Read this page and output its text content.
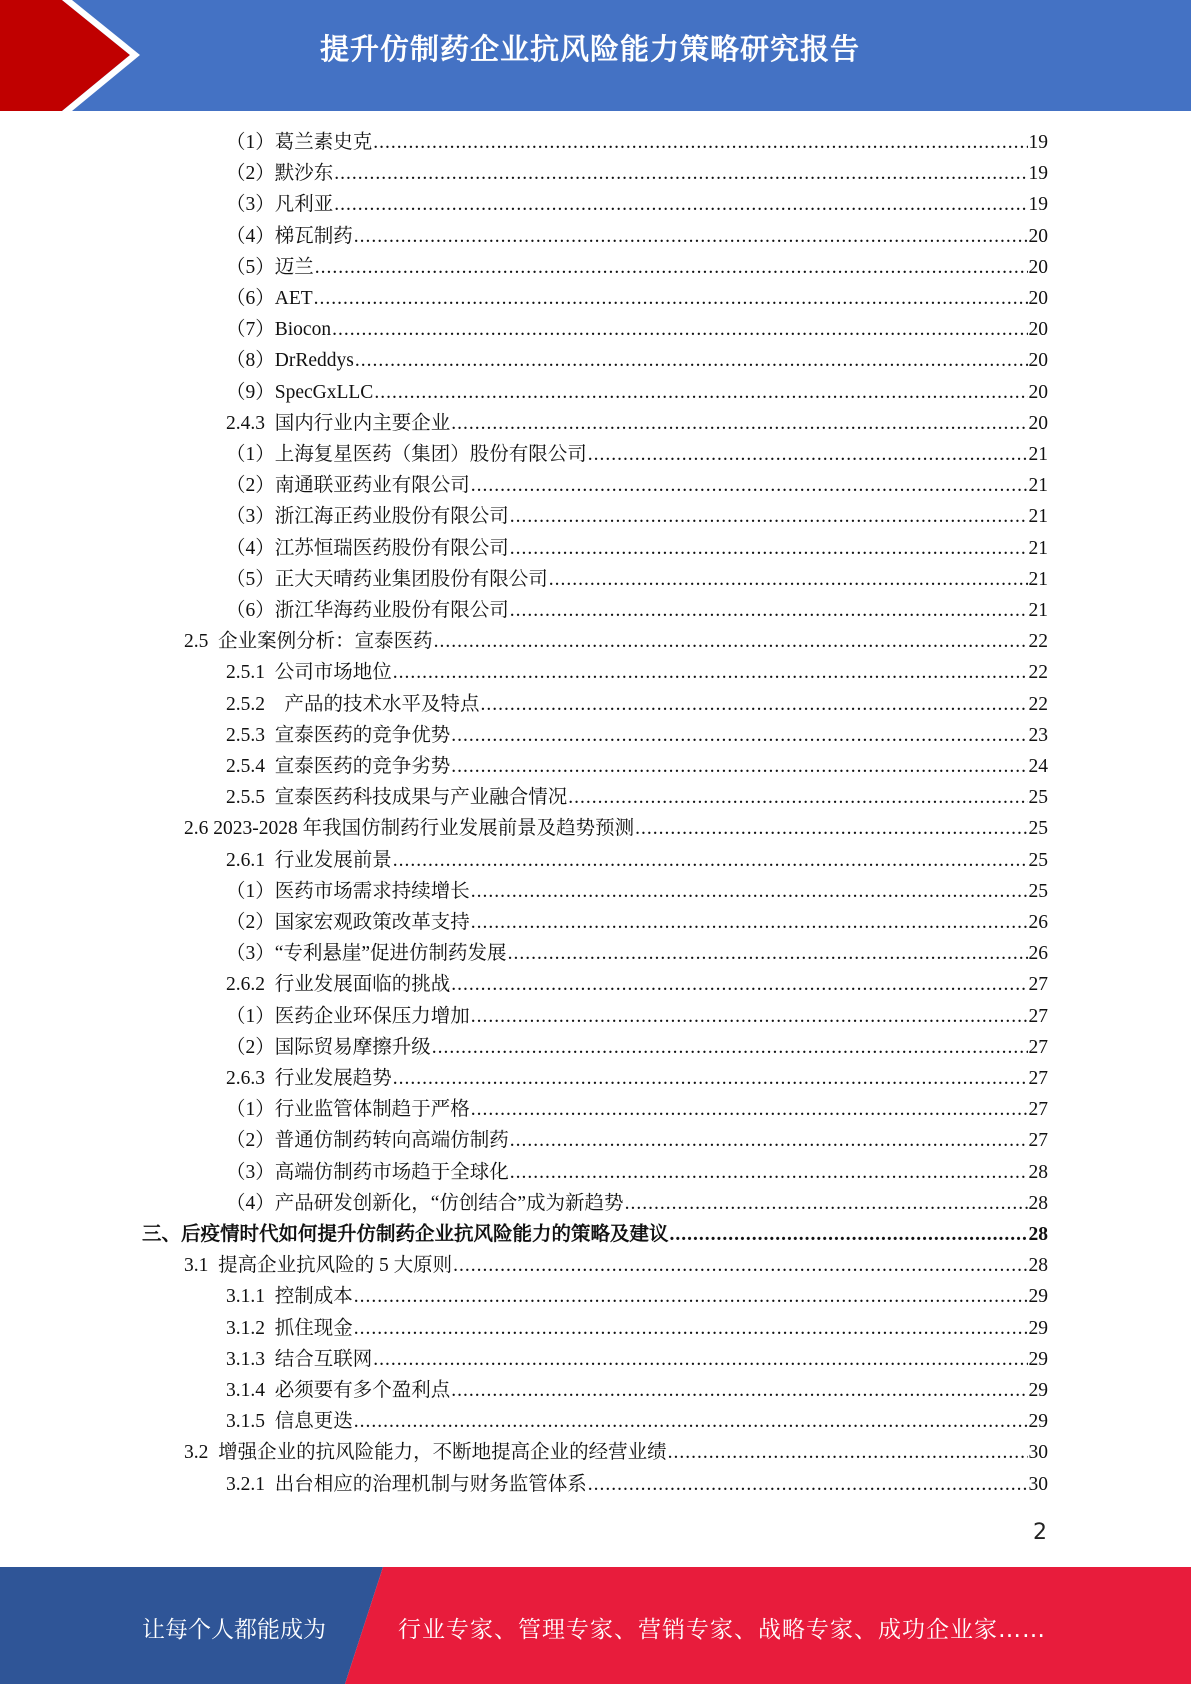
提升仿制药企业抗风险能力策略研究报告
（1）葛兰素史克 .....	19
（2）默沙东 .....	19
（3）凡利亚 .....	19
（4）梯瓦制药 .....	20
（5）迈兰 .....	20
（6）AET .....	20
（7）Biocon .....	20
（8）DrReddys .....	20
（9）SpecGxLLC .....	20
2.4.3  国内行业内主要企业 .....	20
（1）上海复星医药（集团）股份有限公司 .....	21
（2）南通联亚药业有限公司 .....	21
（3）浙江海正药业股份有限公司 .....	21
（4）江苏恒瑞医药股份有限公司 .....	21
（5）正大天晴药业集团股份有限公司 .....	21
（6）浙江华海药业股份有限公司 .....	21
2.5  企业案例分析：宣泰医药 .....	22
2.5.1  公司市场地位 .....	22
2.5.2    产品的技术水平及特点 .....	22
2.5.3  宣泰医药的竞争优势 .....	23
2.5.4  宣泰医药的竞争劣势 .....	24
2.5.5  宣泰医药科技成果与产业融合情况 .....	25
2.6 2023-2028 年我国仿制药行业发展前景及趋势预测 .....	25
2.6.1  行业发展前景 .....	25
（1）医药市场需求持续增长 .....	25
（2）国家宏观政策改革支持 .....	26
（3）“专利悬崖”促进仿制药发展 .....	26
2.6.2  行业发展面临的挑战 .....	27
（1）医药企业环保压力增加 .....	27
（2）国际贸易摩擦升级 .....	27
2.6.3  行业发展趋势 .....	27
（1）行业监管体制趋于严格 .....	27
（2）普通仿制药转向高端仿制药 .....	27
（3）高端仿制药市场趋于全球化 .....	28
（4）产品研发创新化，“仿创结合”成为新趋势 .....	28
三、后疫情时代如何提升仿制药企业抗风险能力的策略及建议 .....	28
3.1  提高企业抗风险的 5 大原则 .....	28
3.1.1  控制成本 .....	29
3.1.2  抓住现金 .....	29
3.1.3  结合互联网 .....	29
3.1.4  必须要有多个盈利点 .....	29
3.1.5  信息更迭 .....	29
3.2  增强企业的抗风险能力，不断地提高企业的经营业绩 .....	30
3.2.1  出台相应的治理机制与财务监管体系 .....	30
2
让每个人都能成为	行业专家、管理专家、营销专家、战略专家、成功企业家……
